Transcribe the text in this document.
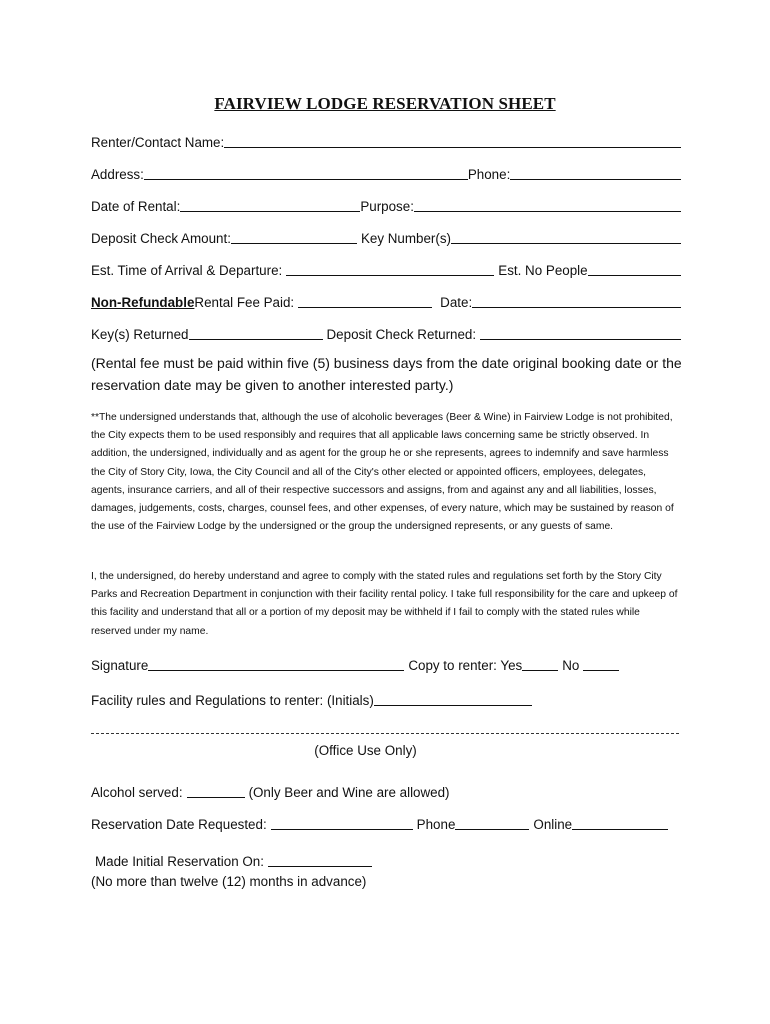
FAIRVIEW LODGE RESERVATION SHEET
Renter/Contact Name:
Address:	Phone:
Date of Rental:	Purpose:
Deposit Check Amount:	Key Number(s)
Est. Time of Arrival & Departure:	Est. No People
Non-Refundable Rental Fee Paid:	Date:
Key(s) Returned	Deposit Check Returned:
(Rental fee must be paid within five (5) business days from the date original booking date or the reservation date may be given to another interested party.)
**The undersigned understands that, although the use of alcoholic beverages (Beer & Wine) in Fairview Lodge is not prohibited, the City expects them to be used responsibly and requires that all applicable laws concerning same be strictly observed. In addition, the undersigned, individually and as agent for the group he or she represents, agrees to indemnify and save harmless the City of Story City, Iowa, the City Council and all of the City's other elected or appointed officers, employees, delegates, agents, insurance carriers, and all of their respective successors and assigns, from and against any and all liabilities, losses, damages, judgements, costs, charges, counsel fees, and other expenses, of every nature, which may be sustained by reason of the use of the Fairview Lodge by the undersigned or the group the undersigned represents, or any guests of same.
I, the undersigned, do hereby understand and agree to comply with the stated rules and regulations set forth by the Story City Parks and Recreation Department in conjunction with their facility rental policy. I take full responsibility for the care and upkeep of this facility and understand that all or a portion of my deposit may be withheld if I fail to comply with the stated rules while reserved under my name.
Signature	Copy to renter: Yes	No
Facility rules and Regulations to renter: (Initials)
(Office Use Only)
Alcohol served:	(Only Beer and Wine are allowed)
Reservation Date Requested:	Phone	Online
Made Initial Reservation On:
(No more than twelve (12) months in advance)
